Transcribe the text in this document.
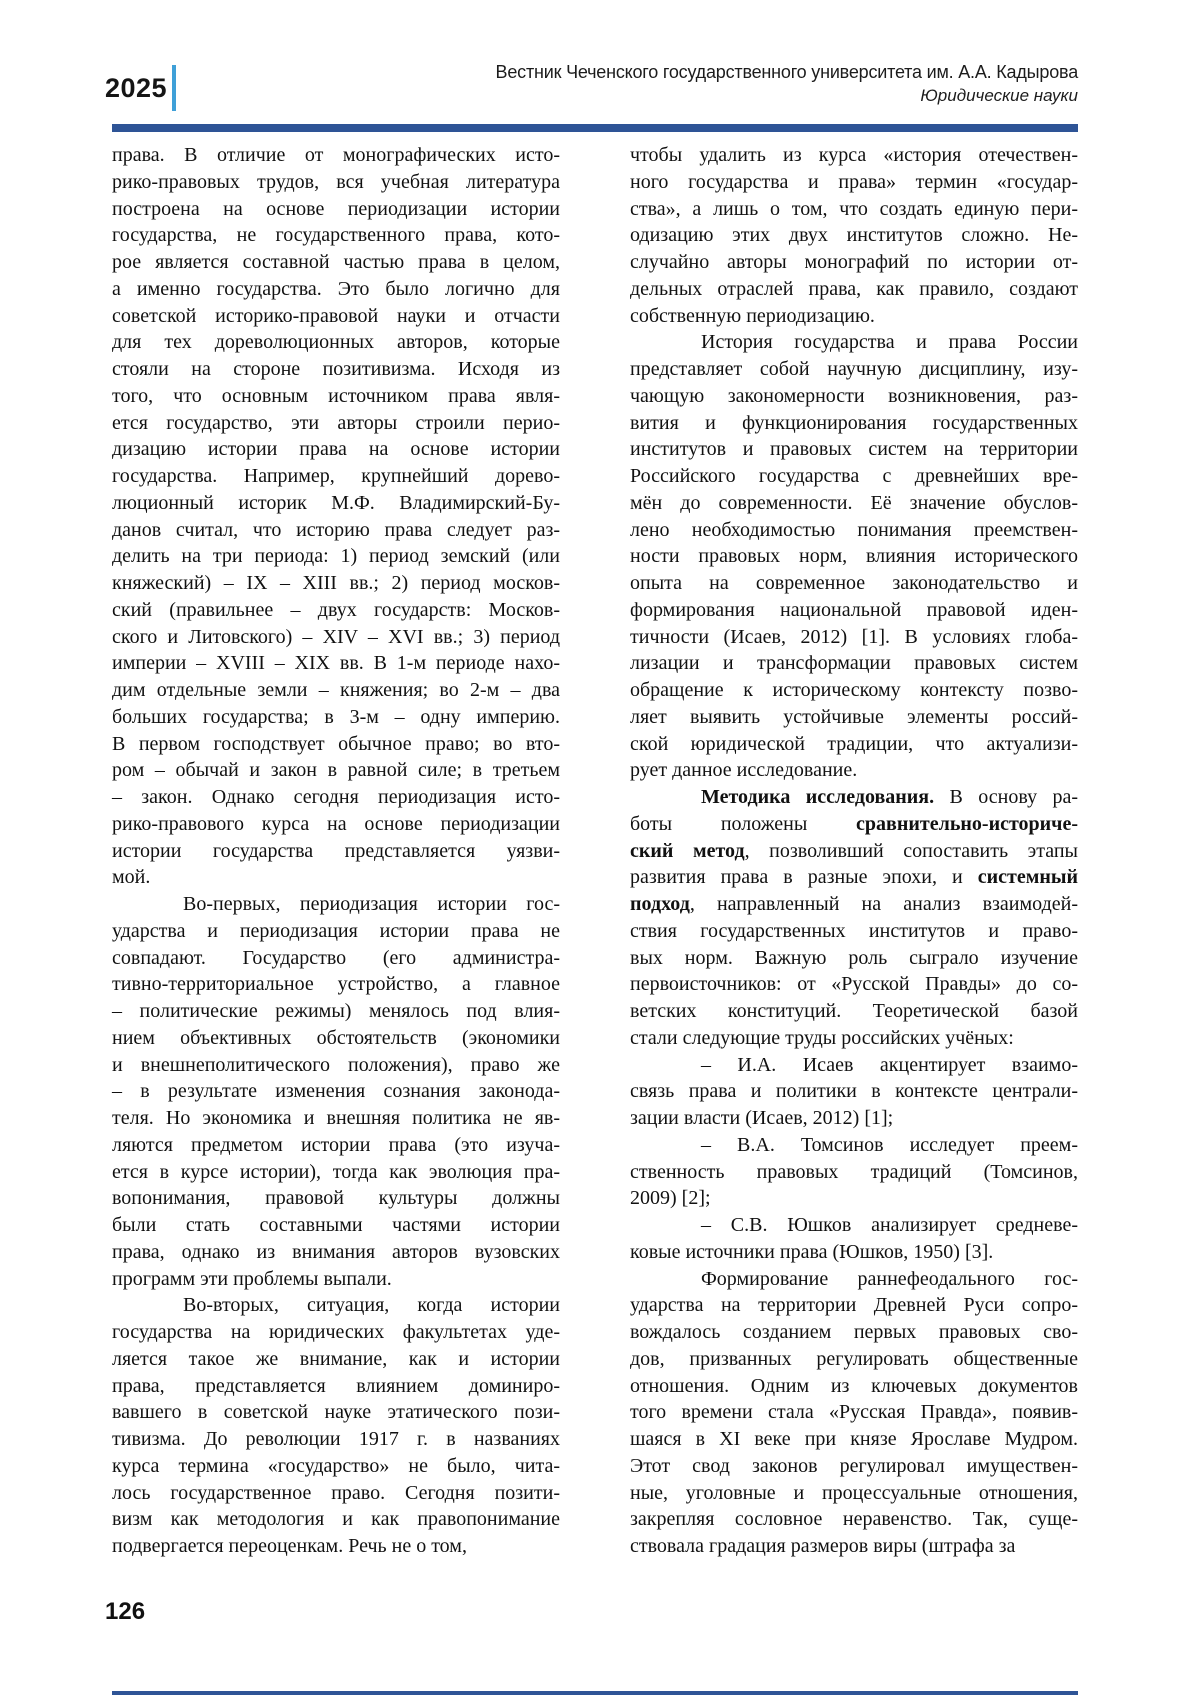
2025
Вестник Чеченского государственного университета им. А.А. Кадырова
Юридические науки
права. В отличие от монографических исто-
рико-правовых трудов, вся учебная литература
построена на основе периодизации истории
государства, не государственного права, кото-
рое является составной частью права в целом,
а именно государства. Это было логично для
советской историко-правовой науки и отчасти
для тех дореволюционных авторов, которые
стояли на стороне позитивизма. Исходя из
того, что основным источником права явля-
ется государство, эти авторы строили перио-
дизацию истории права на основе истории
государства. Например, крупнейший дорево-
люционный историк М.Ф. Владимирский-Бу-
данов считал, что историю права следует раз-
делить на три периода: 1) период земский (или
княжеский) – IX – XIII вв.; 2) период москов-
ский (правильнее – двух государств: Москов-
ского и Литовского) – XIV – XVI вв.; 3) период
империи – XVIII – XIX вв. В 1-м периоде нахо-
дим отдельные земли – княжения; во 2-м – два
больших государства; в 3-м – одну империю.
В первом господствует обычное право; во вто-
ром – обычай и закон в равной силе; в третьем
– закон. Однако сегодня периодизация исто-
рико-правового курса на основе периодизации
истории государства представляется уязви-
мой.
Во-первых, периодизация истории гос-
ударства и периодизация истории права не
совпадают. Государство (его администра-
тивно-территориальное устройство, а главное
– политические режимы) менялось под влия-
нием объективных обстоятельств (экономики
и внешнеполитического положения), право же
– в результате изменения сознания законода-
теля. Но экономика и внешняя политика не яв-
ляются предметом истории права (это изуча-
ется в курсе истории), тогда как эволюция пра-
вопонимания, правовой культуры должны
были стать составными частями истории
права, однако из внимания авторов вузовских
программ эти проблемы выпали.
Во-вторых, ситуация, когда истории
государства на юридических факультетах уде-
ляется такое же внимание, как и истории
права, представляется влиянием доминиро-
вавшего в советской науке этатического пози-
тивизма. До революции 1917 г. в названиях
курса термина «государство» не было, чита-
лось государственное право. Сегодня позити-
визм как методология и как правопонимание
подвергается переоценкам. Речь не о том,
чтобы удалить из курса «история отечествен-
ного государства и права» термин «государ-
ства», а лишь о том, что создать единую пери-
одизацию этих двух институтов сложно. Не-
случайно авторы монографий по истории от-
дельных отраслей права, как правило, создают
собственную периодизацию.
История государства и права России
представляет собой научную дисциплину, изу-
чающую закономерности возникновения, раз-
вития и функционирования государственных
институтов и правовых систем на территории
Российского государства с древнейших вре-
мён до современности. Её значение обуслов-
лено необходимостью понимания преемствен-
ности правовых норм, влияния исторического
опыта на современное законодательство и
формирования национальной правовой иден-
тичности (Исаев, 2012) [1]. В условиях глоба-
лизации и трансформации правовых систем
обращение к историческому контексту позво-
ляет выявить устойчивые элементы россий-
ской юридической традиции, что актуализи-
рует данное исследование.
Методика исследования. В основу ра-
боты положены сравнительно-историче-
ский метод, позволивший сопоставить этапы
развития права в разные эпохи, и системный
подход, направленный на анализ взаимодей-
ствия государственных институтов и право-
вых норм. Важную роль сыграло изучение
первоисточников: от «Русской Правды» до со-
ветских конституций. Теоретической базой
стали следующие труды российских учёных:
– И.А. Исаев акцентирует взаимо-
связь права и политики в контексте централи-
зации власти (Исаев, 2012) [1];
– В.А. Томсинов исследует преем-
ственность правовых традиций (Томсинов,
2009) [2];
– С.В. Юшков анализирует средневе-
ковые источники права (Юшков, 1950) [3].
Формирование раннефеодального гос-
ударства на территории Древней Руси сопро-
вождалось созданием первых правовых сво-
дов, призванных регулировать общественные
отношения. Одним из ключевых документов
того времени стала «Русская Правда», появив-
шаяся в XI веке при князе Ярославе Мудром.
Этот свод законов регулировал имуществен-
ные, уголовные и процессуальные отношения,
закрепляя сословное неравенство. Так, суще-
ствовала градация размеров виры (штрафа за
126
